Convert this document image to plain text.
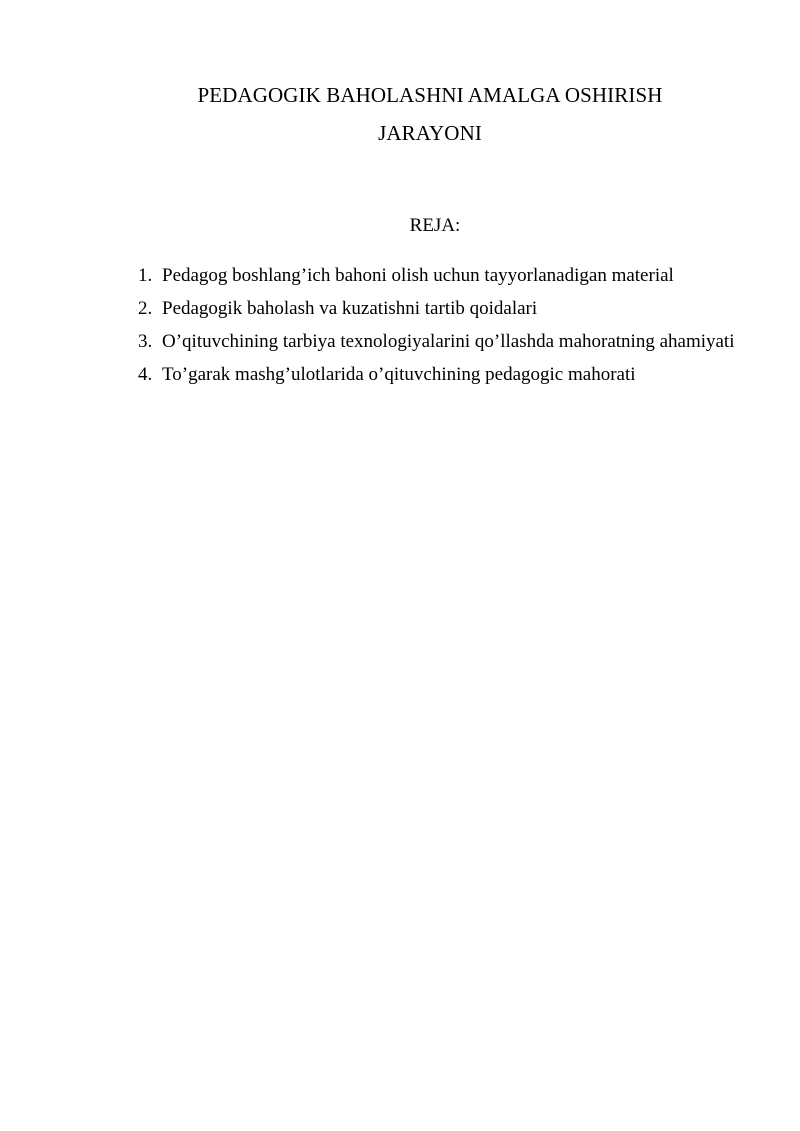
PEDAGOGIK BAHOLASHNI AMALGA OSHIRISH
JARAYONI
REJA:
1. Pedagog boshlang’ich bahoni olish uchun tayyorlanadigan material
2. Pedagogik baholash va kuzatishni tartib qoidalari
3. O’qituvchining tarbiya texnologiyalarini qo’llashda mahoratning ahamiyati
4. To’garak mashg’ulotlarida o’qituvchining pedagogic mahorati
